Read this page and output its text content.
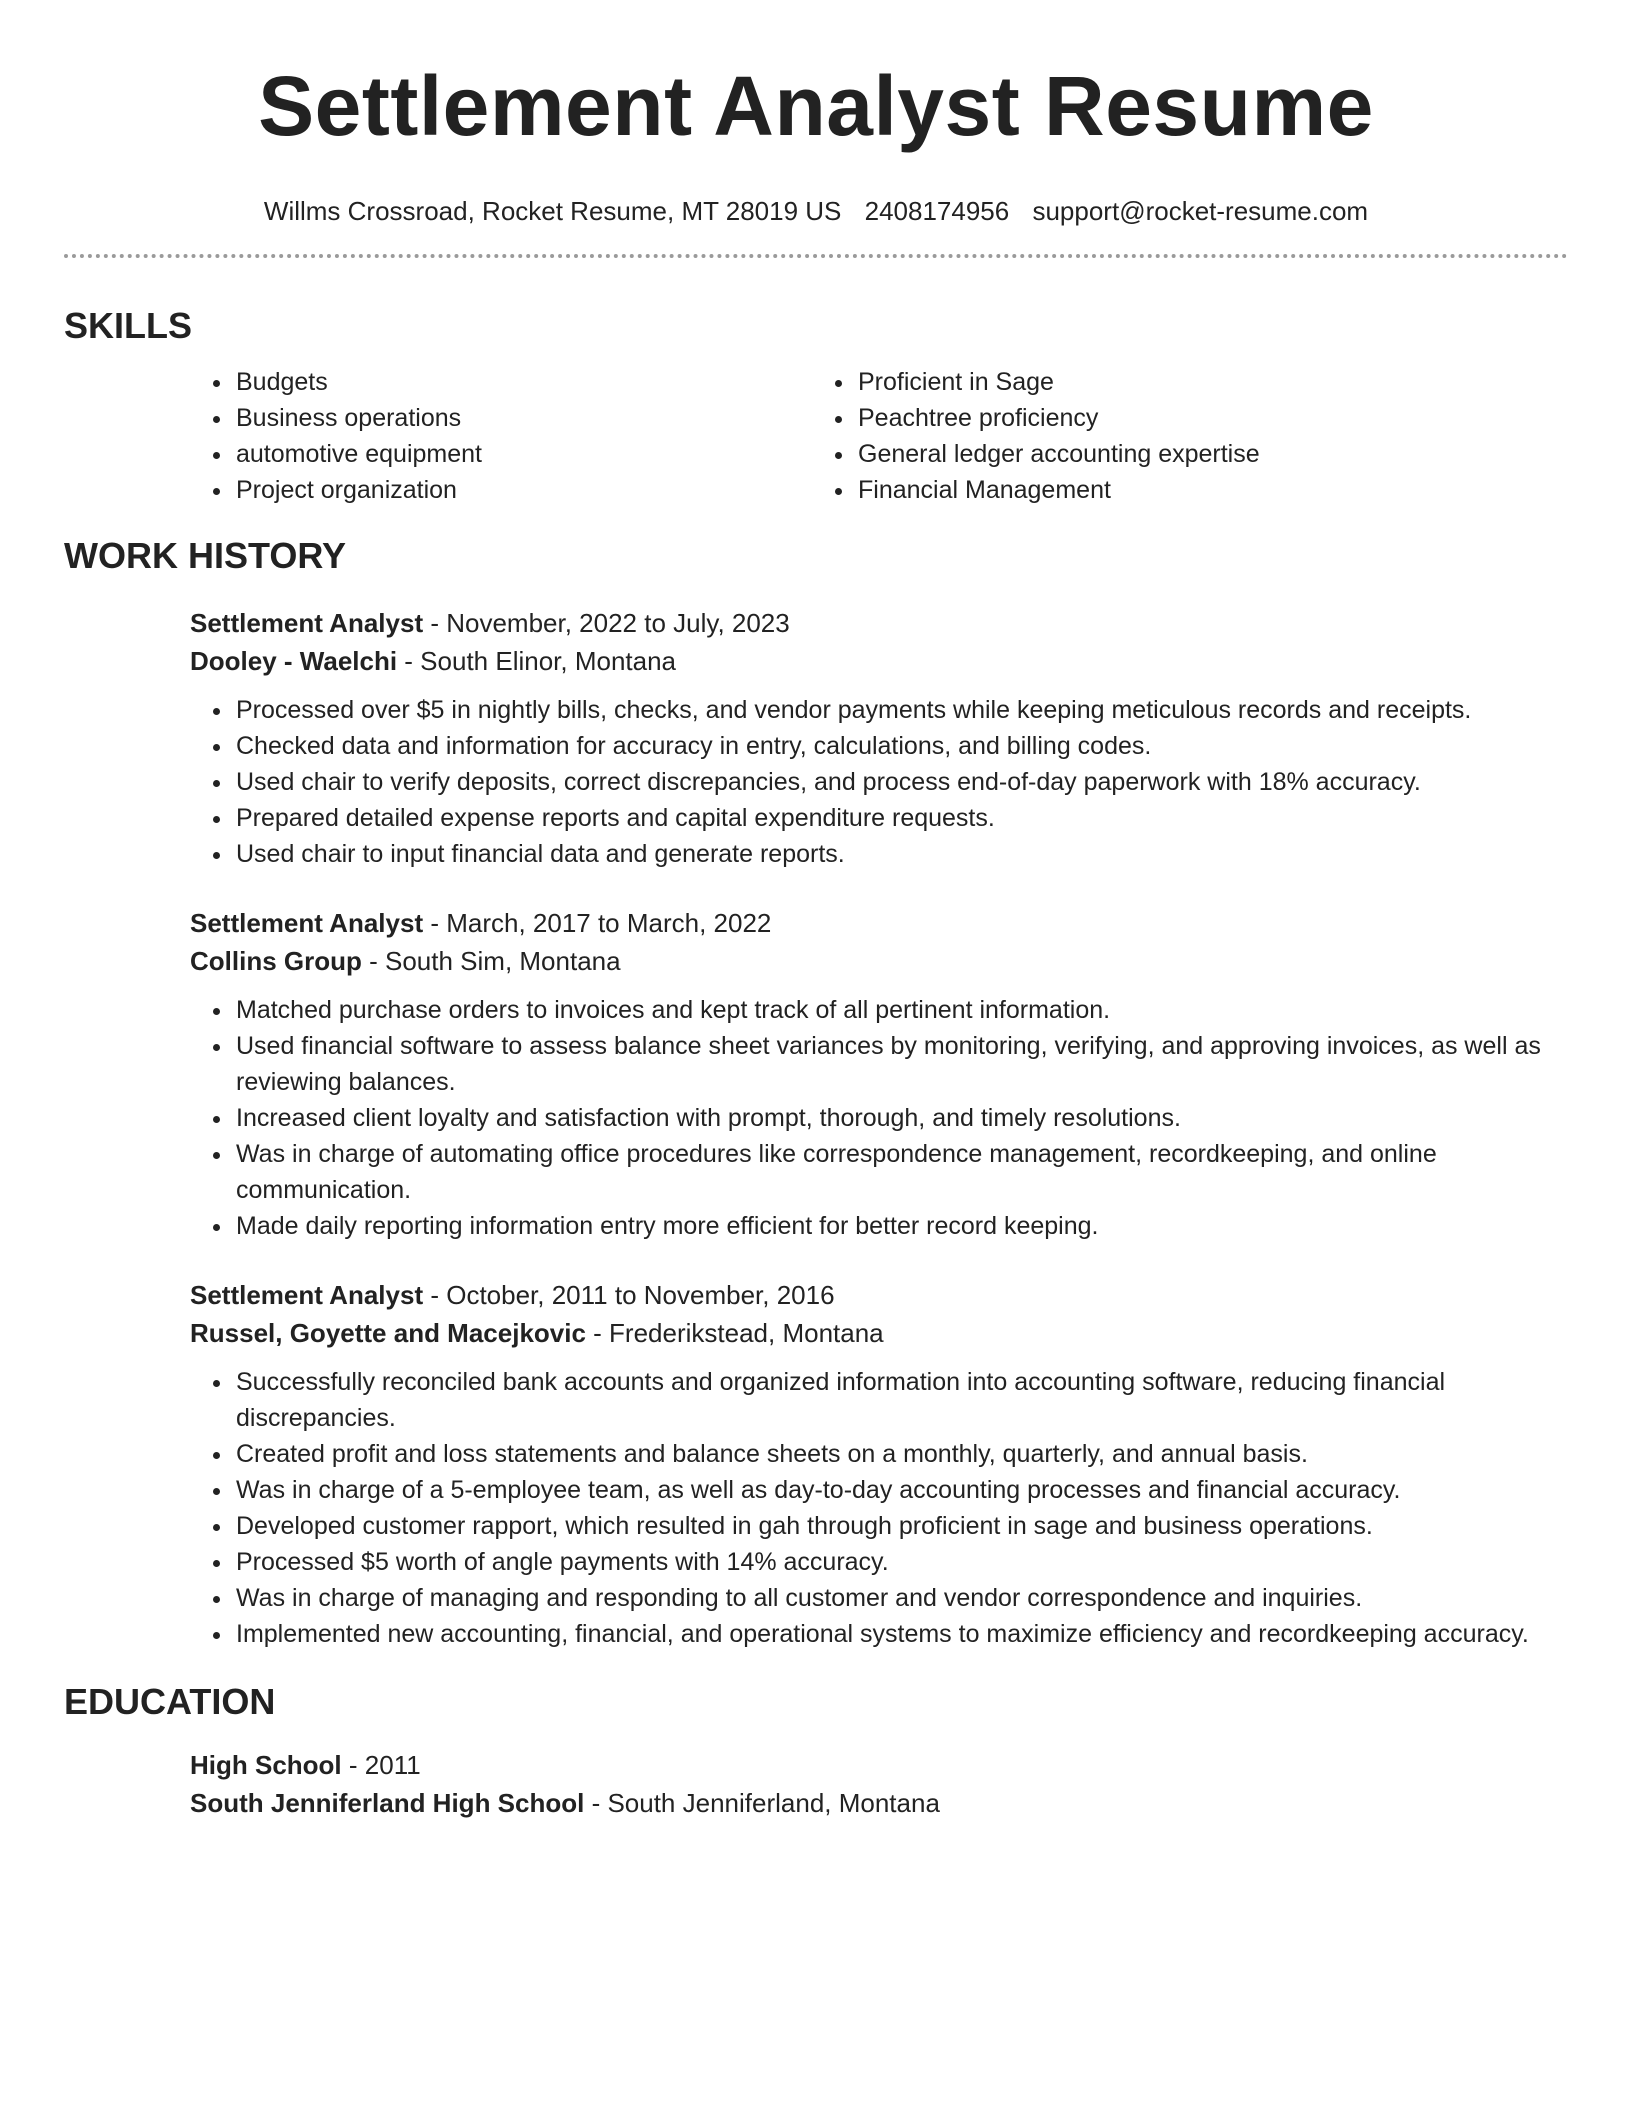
Settlement Analyst Resume
Willms Crossroad, Rocket Resume, MT 28019 US 2408174956 support@rocket-resume.com
SKILLS
• Budgets
• Business operations
• automotive equipment
• Project organization
• Proficient in Sage
• Peachtree proficiency
• General ledger accounting expertise
• Financial Management
WORK HISTORY
Settlement Analyst - November, 2022 to July, 2023
Dooley - Waelchi - South Elinor, Montana
• Processed over $5 in nightly bills, checks, and vendor payments while keeping meticulous records and receipts.
• Checked data and information for accuracy in entry, calculations, and billing codes.
• Used chair to verify deposits, correct discrepancies, and process end-of-day paperwork with 18% accuracy.
• Prepared detailed expense reports and capital expenditure requests.
• Used chair to input financial data and generate reports.
Settlement Analyst - March, 2017 to March, 2022
Collins Group - South Sim, Montana
• Matched purchase orders to invoices and kept track of all pertinent information.
• Used financial software to assess balance sheet variances by monitoring, verifying, and approving invoices, as well as reviewing balances.
• Increased client loyalty and satisfaction with prompt, thorough, and timely resolutions.
• Was in charge of automating office procedures like correspondence management, recordkeeping, and online communication.
• Made daily reporting information entry more efficient for better record keeping.
Settlement Analyst - October, 2011 to November, 2016
Russel, Goyette and Macejkovic - Frederikstead, Montana
• Successfully reconciled bank accounts and organized information into accounting software, reducing financial discrepancies.
• Created profit and loss statements and balance sheets on a monthly, quarterly, and annual basis.
• Was in charge of a 5-employee team, as well as day-to-day accounting processes and financial accuracy.
• Developed customer rapport, which resulted in gah through proficient in sage and business operations.
• Processed $5 worth of angle payments with 14% accuracy.
• Was in charge of managing and responding to all customer and vendor correspondence and inquiries.
• Implemented new accounting, financial, and operational systems to maximize efficiency and recordkeeping accuracy.
EDUCATION
High School - 2011
South Jenniferland High School - South Jenniferland, Montana
